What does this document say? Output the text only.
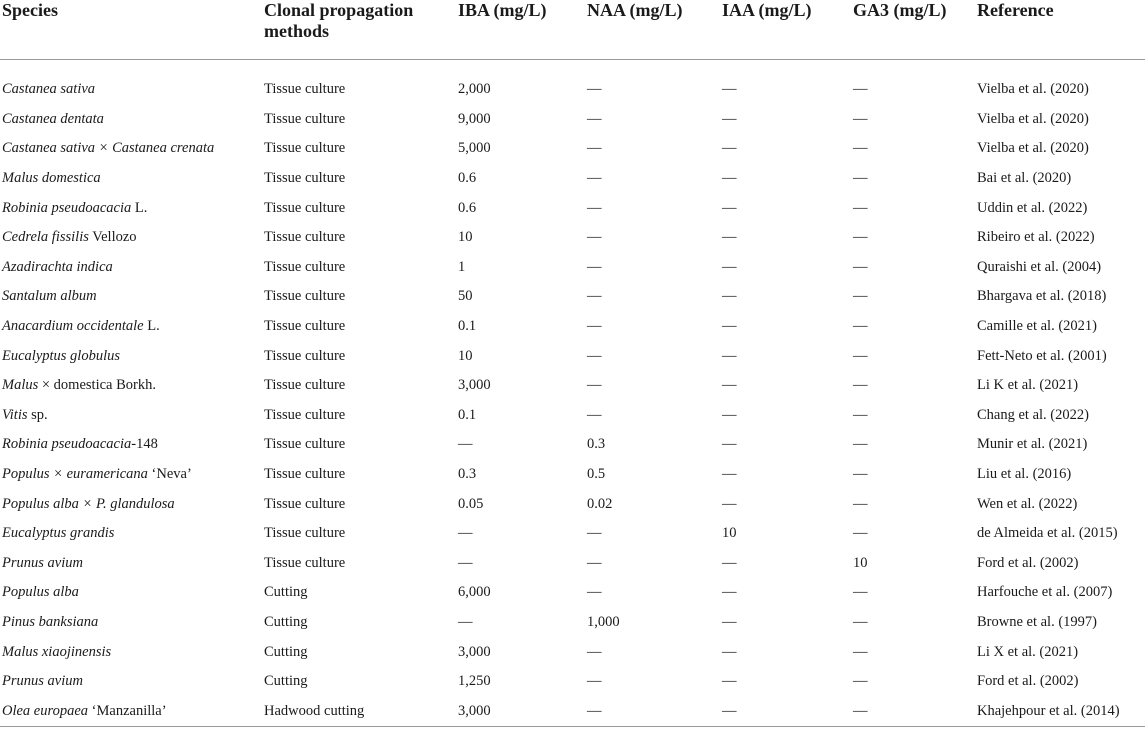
Species	Clonal propagation methods	IBA (mg/L)	NAA (mg/L)	IAA (mg/L)	GA3 (mg/L)	Reference

Castanea sativa	Tissue culture	2,000	—	—	—	Vielba et al. (2020)
Castanea dentata	Tissue culture	9,000	—	—	—	Vielba et al. (2020)
Castanea sativa × Castanea crenata	Tissue culture	5,000	—	—	—	Vielba et al. (2020)
Malus domestica	Tissue culture	0.6	—	—	—	Bai et al. (2020)
Robinia pseudoacacia L.	Tissue culture	0.6	—	—	—	Uddin et al. (2022)
Cedrela fissilis Vellozo	Tissue culture	10	—	—	—	Ribeiro et al. (2022)
Azadirachta indica	Tissue culture	1	—	—	—	Quraishi et al. (2004)
Santalum album	Tissue culture	50	—	—	—	Bhargava et al. (2018)
Anacardium occidentale L.	Tissue culture	0.1	—	—	—	Camille et al. (2021)
Eucalyptus globulus	Tissue culture	10	—	—	—	Fett-Neto et al. (2001)
Malus × domestica Borkh.	Tissue culture	3,000	—	—	—	Li K et al. (2021)
Vitis sp.	Tissue culture	0.1	—	—	—	Chang et al. (2022)
Robinia pseudoacacia-148	Tissue culture	—	0.3	—	—	Munir et al. (2021)
Populus × euramericana ‘Neva’	Tissue culture	0.3	0.5	—	—	Liu et al. (2016)
Populus alba × P. glandulosa	Tissue culture	0.05	0.02	—	—	Wen et al. (2022)
Eucalyptus grandis	Tissue culture	—	—	10	—	de Almeida et al. (2015)
Prunus avium	Tissue culture	—	—	—	10	Ford et al. (2002)
Populus alba	Cutting	6,000	—	—	—	Harfouche et al. (2007)
Pinus banksiana	Cutting	—	1,000	—	—	Browne et al. (1997)
Malus xiaojinensis	Cutting	3,000	—	—	—	Li X et al. (2021)
Prunus avium	Cutting	1,250	—	—	—	Ford et al. (2002)
Olea europaea ‘Manzanilla’	Hadwood cutting	3,000	—	—	—	Khajehpour et al. (2014)
